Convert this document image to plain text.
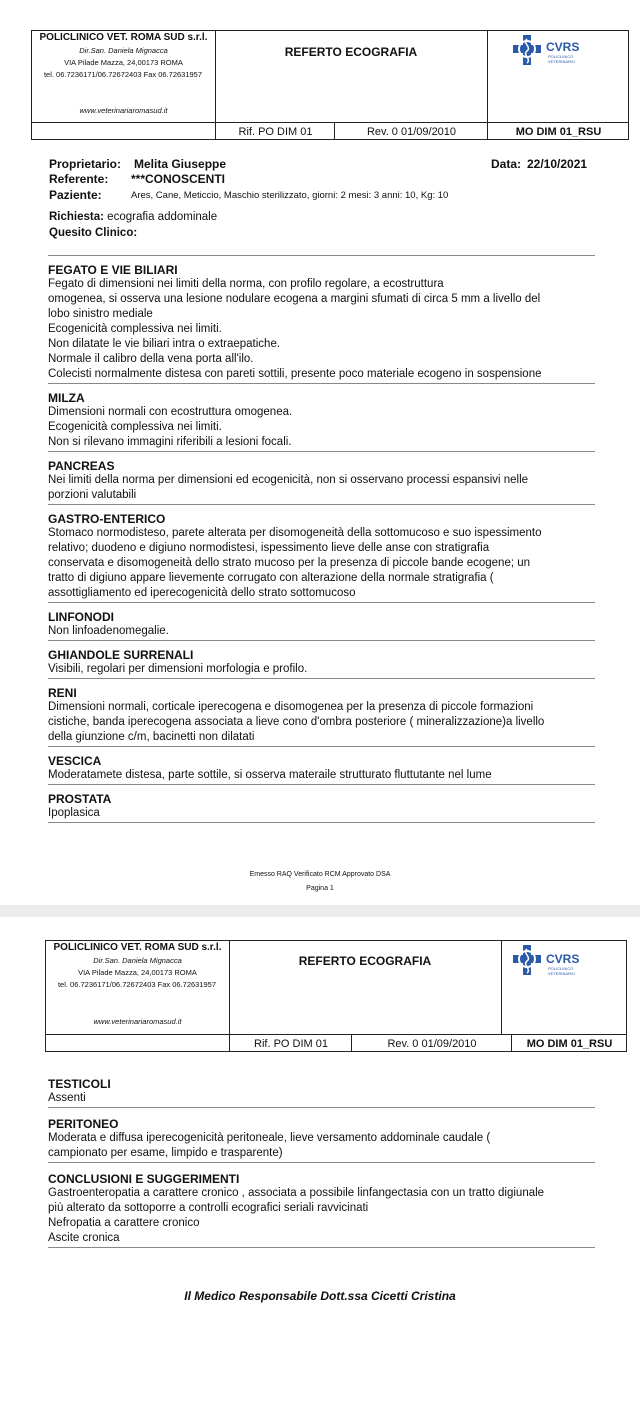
POLICLINICO VET. ROMA SUD s.r.l.
Dir.San. Daniela Mignacca
VIA Pilade Mazza, 24,00173 ROMA
tel. 06.7236171/06.72672403 Fax 06.72631957
www.veterinariaromasud.it
REFERTO ECOGRAFIA	CVRS
POLICLINICO
VETERINARIO
Rif. PO DIM 01	Rev. 0 01/09/2010	MO DIM 01_RSU
Proprietario: Melita Giuseppe	Data: 22/10/2021
Referente: ***CONOSCENTI
Paziente:	Ares, Cane, Meticcio, Maschio sterilizzato, giorni: 2 mesi: 3 anni: 10, Kg: 10
Richiesta: ecografia addominale
Quesito Clinico:
FEGATO E VIE BILIARI
Fegato di dimensioni nei limiti della norma, con profilo regolare, a ecostruttura
omogenea, si osserva una lesione nodulare ecogena a margini sfumati di circa 5 mm a livello del
lobo sinistro mediale
Ecogenicità complessiva nei limiti.
Non dilatate le vie biliari intra o extraepatiche.
Normale il calibro della vena porta all'ilo.
Colecisti normalmente distesa con pareti sottili, presente poco materiale ecogeno in sospensione
MILZA
Dimensioni normali con ecostruttura omogenea.
Ecogenicità complessiva nei limiti.
Non si rilevano immagini riferibili a lesioni focali.
PANCREAS
Nei limiti della norma per dimensioni ed ecogenicità, non si osservano processi espansivi nelle
porzioni valutabili
GASTRO-ENTERICO
Stomaco normodisteso, parete alterata per disomogeneità della sottomucoso e suo ispessimento
relativo; duodeno e digiuno normodistesi, ispessimento lieve delle anse con stratigrafia
conservata e disomogeneità dello strato mucoso per la presenza di piccole bande ecogene; un
tratto di digiuno appare lievemente corrugato con alterazione della normale stratigrafia (
assottigliamento ed iperecogenicità dello strato sottomucoso
LINFONODI
Non linfoadenomegalie.
GHIANDOLE SURRENALI
Visibili, regolari per dimensioni morfologia e profilo.
RENI
Dimensioni normali, corticale iperecogena e disomogenea per la presenza di piccole formazioni
cistiche, banda iperecogena associata a lieve cono d'ombra posteriore ( mineralizzazione)a livello
della giunzione c/m, bacinetti non dilatati
VESCICA
Moderatamete distesa, parte sottile, si osserva materaile strutturato fluttutante nel lume
PROSTATA
Ipoplasica
Emesso RAQ Verificato RCM Approvato DSA
Pagina 1
POLICLINICO VET. ROMA SUD s.r.l.
Dir.San. Daniela Mignacca
VIA Pilade Mazza, 24,00173 ROMA
tel. 06.7236171/06.72672403 Fax 06.72631957
www.veterinariaromasud.it
REFERTO ECOGRAFIA	CVRS
POLICLINICO
VETERINARIO
Rif. PO DIM 01	Rev. 0 01/09/2010	MO DIM 01_RSU
TESTICOLI
Assenti
PERITONEO
Moderata e diffusa iperecogenicità peritoneale, lieve versamento addominale caudale (
campionato per esame, limpido e trasparente)
CONCLUSIONI E SUGGERIMENTI
Gastroenteropatia a carattere cronico , associata a possibile linfangectasia con un tratto digiunale
più alterato da sottoporre a controlli ecografici seriali ravvicinati
Nefropatia a carattere cronico
Ascite cronica
Il Medico Responsabile Dott.ssa Cicetti Cristina
